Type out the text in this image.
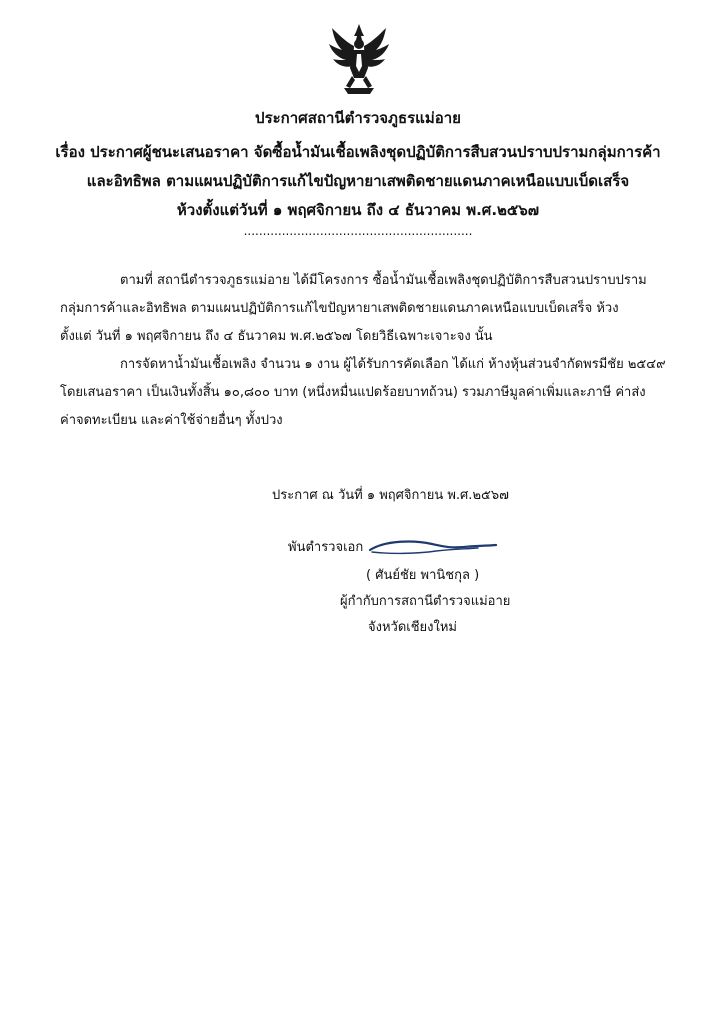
ประกาศสถานีตำรวจภูธรแม่อาย
เรื่อง ประกาศผู้ชนะเสนอราคา จัดซื้อน้ำมันเชื้อเพลิงชุดปฏิบัติการสืบสวนปราบปรามกลุ่มการค้า
และอิทธิพล ตามแผนปฏิบัติการแก้ไขปัญหายาเสพติดชายแดนภาคเหนือแบบเบ็ดเสร็จ
ห้วงตั้งแต่วันที่ ๑ พฤศจิกายน ถึง ๔ ธันวาคม พ.ศ.๒๕๖๗
............................................................
ตามที่ สถานีตำรวจภูธรแม่อาย ได้มีโครงการ ซื้อน้ำมันเชื้อเพลิงชุดปฏิบัติการสืบสวนปราบปราม
กลุ่มการค้าและอิทธิพล ตามแผนปฏิบัติการแก้ไขปัญหายาเสพติดชายแดนภาคเหนือแบบเบ็ดเสร็จ ห้วง
ตั้งแต่ วันที่ ๑ พฤศจิกายน ถึง ๔ ธันวาคม พ.ศ.๒๕๖๗ โดยวิธีเฉพาะเจาะจง นั้น
การจัดหาน้ำมันเชื้อเพลิง จำนวน ๑ งาน ผู้ได้รับการคัดเลือก ได้แก่ ห้างหุ้นส่วนจำกัดพรมีชัย ๒๕๔๙
โดยเสนอราคา เป็นเงินทั้งสิ้น ๑๐,๘๐๐ บาท (หนึ่งหมื่นแปดร้อยบาทถ้วน) รวมภาษีมูลค่าเพิ่มและภาษี ค่าส่ง
ค่าจดทะเบียน และค่าใช้จ่ายอื่นๆ ทั้งปวง
ประกาศ ณ วันที่ ๑ พฤศจิกายน พ.ศ.๒๕๖๗
พันตำรวจเอก
( ศันย์ชัย พานิชกุล )
ผู้กำกับการสถานีตำรวจแม่อาย
จังหวัดเชียงใหม่
